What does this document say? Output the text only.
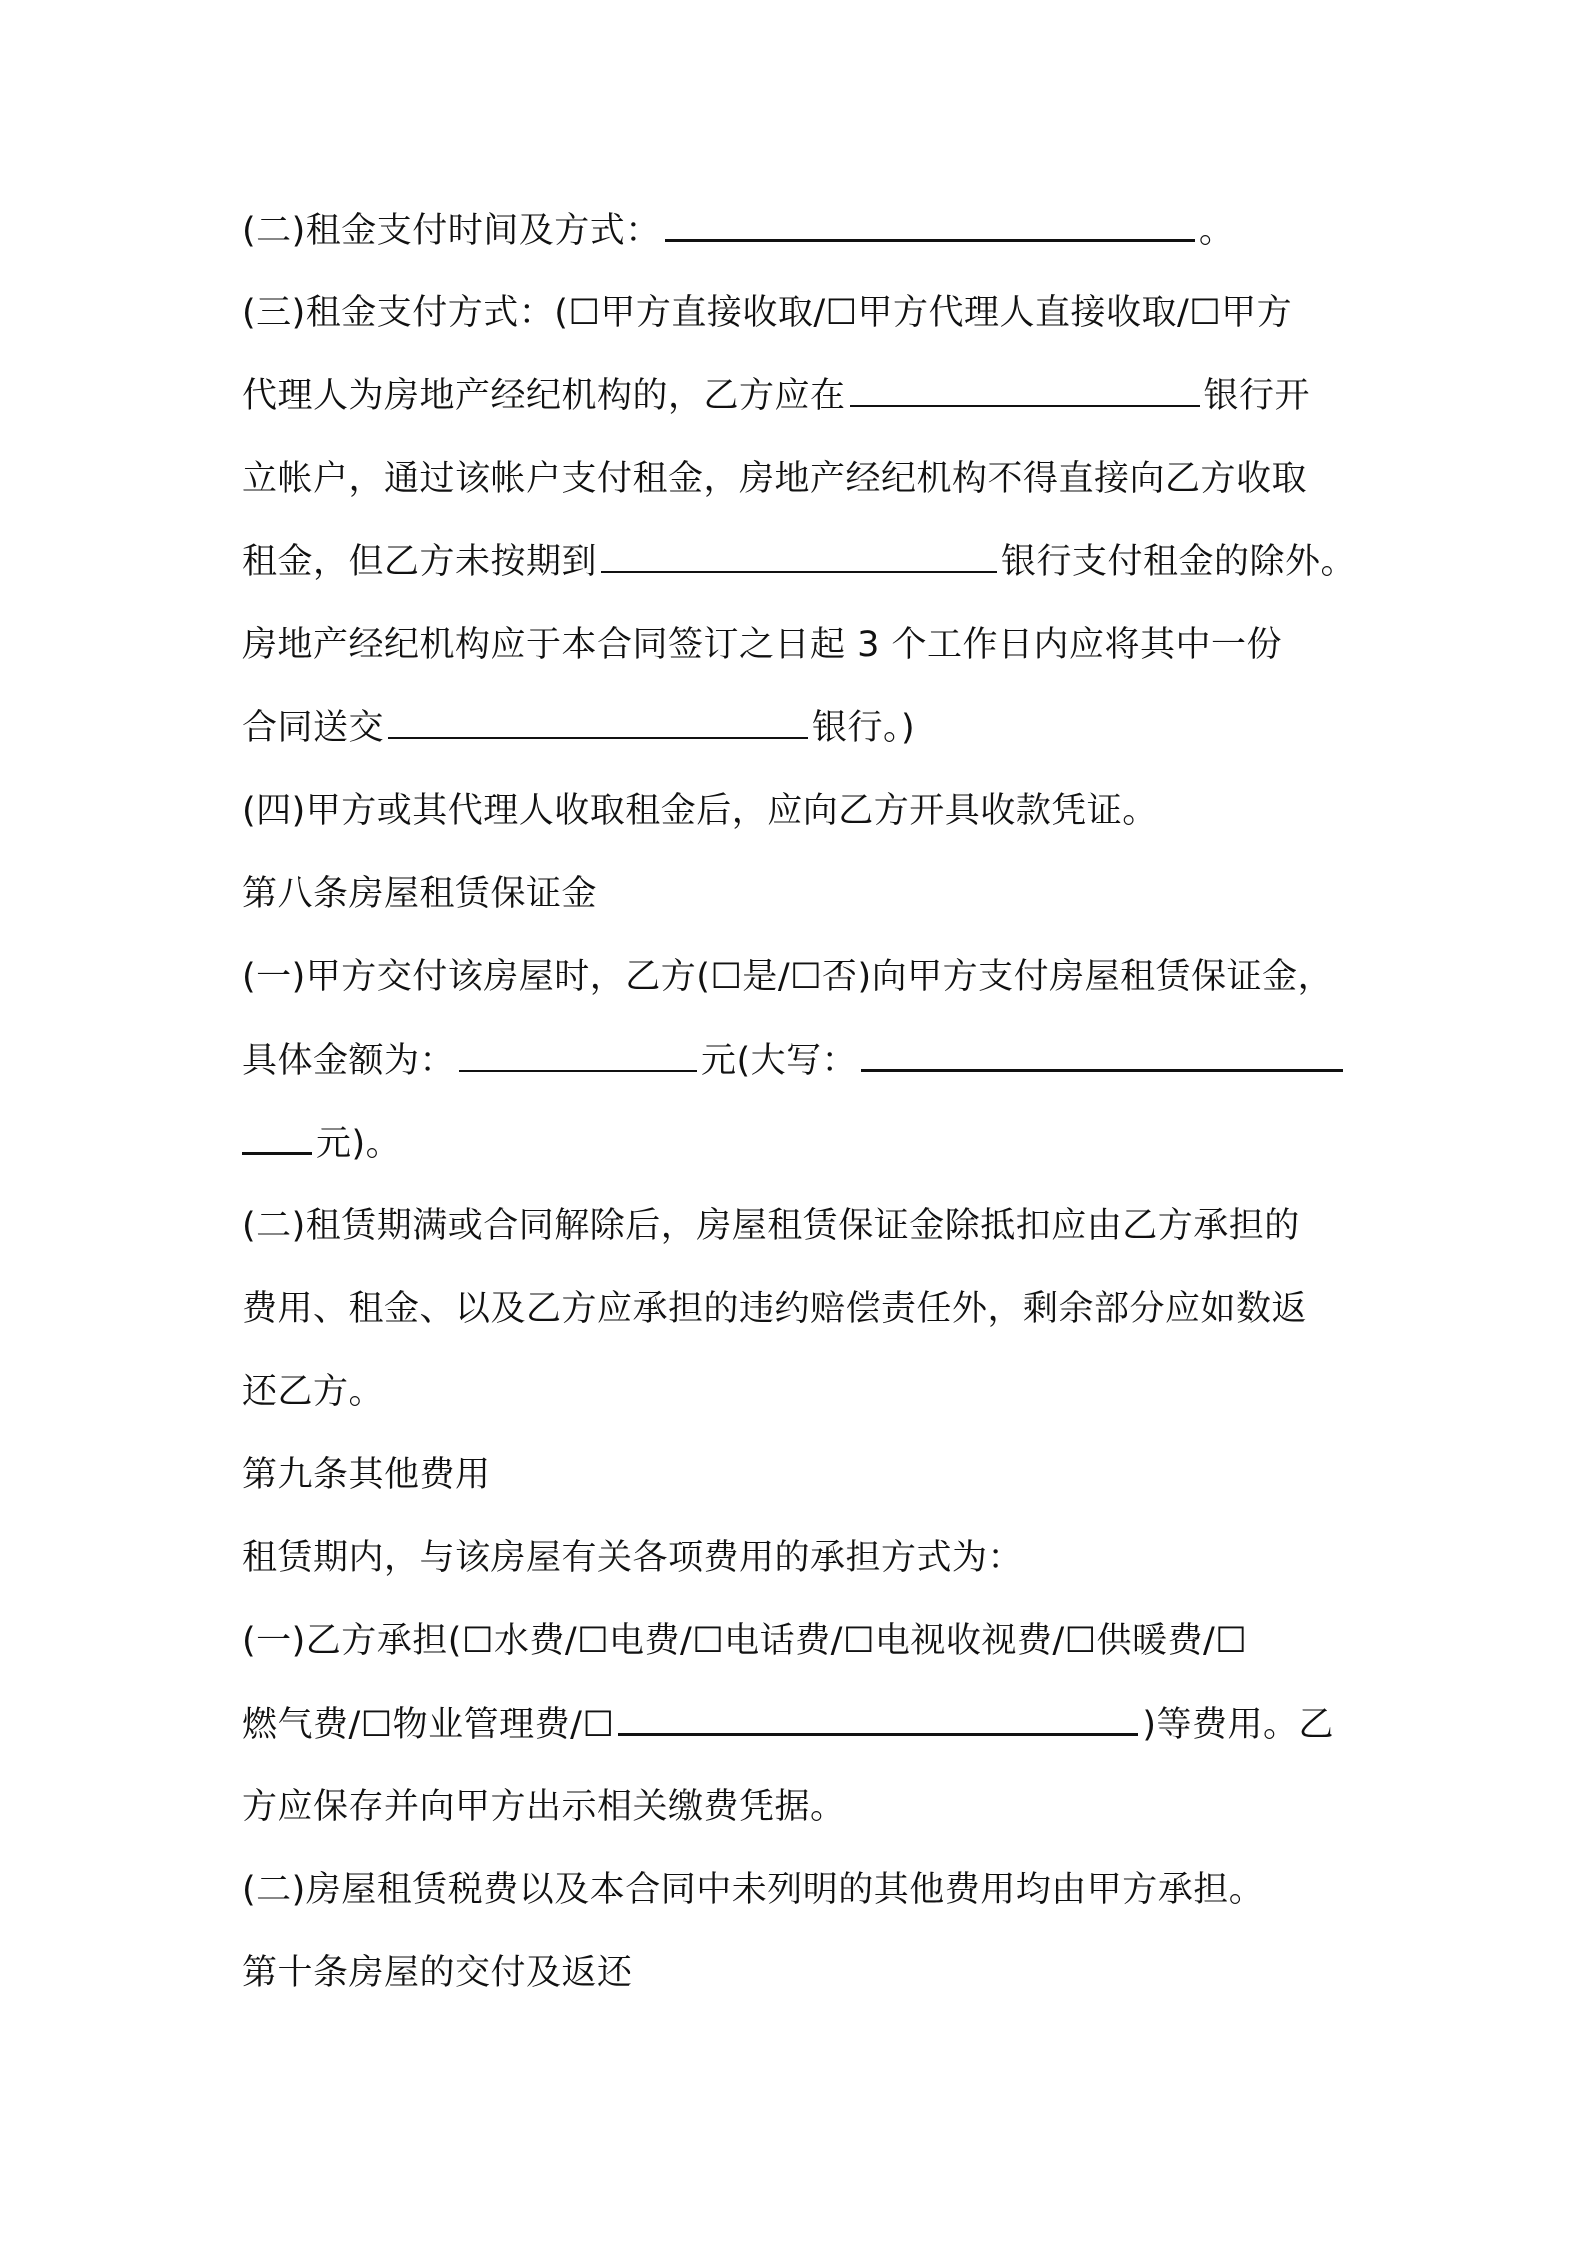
(二)租金支付时间及方式：	。
(三)租金支付方式：(☐甲方直接收取/☐甲方代理人直接收取/☐甲方
代理人为房地产经纪机构的，乙方应在	银行开
立帐户，通过该帐户支付租金，房地产经纪机构不得直接向乙方收取
租金，但乙方未按期到	银行支付租金的除外。
房地产经纪机构应于本合同签订之日起 3 个工作日内应将其中一份
合同送交	银行。)
(四)甲方或其代理人收取租金后，应向乙方开具收款凭证。
第八条房屋租赁保证金
(一)甲方交付该房屋时，乙方(☐是/☐否)向甲方支付房屋租赁保证金，
具体金额为：	元(大写：
元)。
(二)租赁期满或合同解除后，房屋租赁保证金除抵扣应由乙方承担的
费用、租金、以及乙方应承担的违约赔偿责任外，剩余部分应如数返
还乙方。
第九条其他费用
租赁期内，与该房屋有关各项费用的承担方式为：
(一)乙方承担(☐水费/☐电费/☐电话费/☐电视收视费/☐供暖费/☐
燃气费/☐物业管理费/☐	)等费用。乙
方应保存并向甲方出示相关缴费凭据。
(二)房屋租赁税费以及本合同中未列明的其他费用均由甲方承担。
第十条房屋的交付及返还
